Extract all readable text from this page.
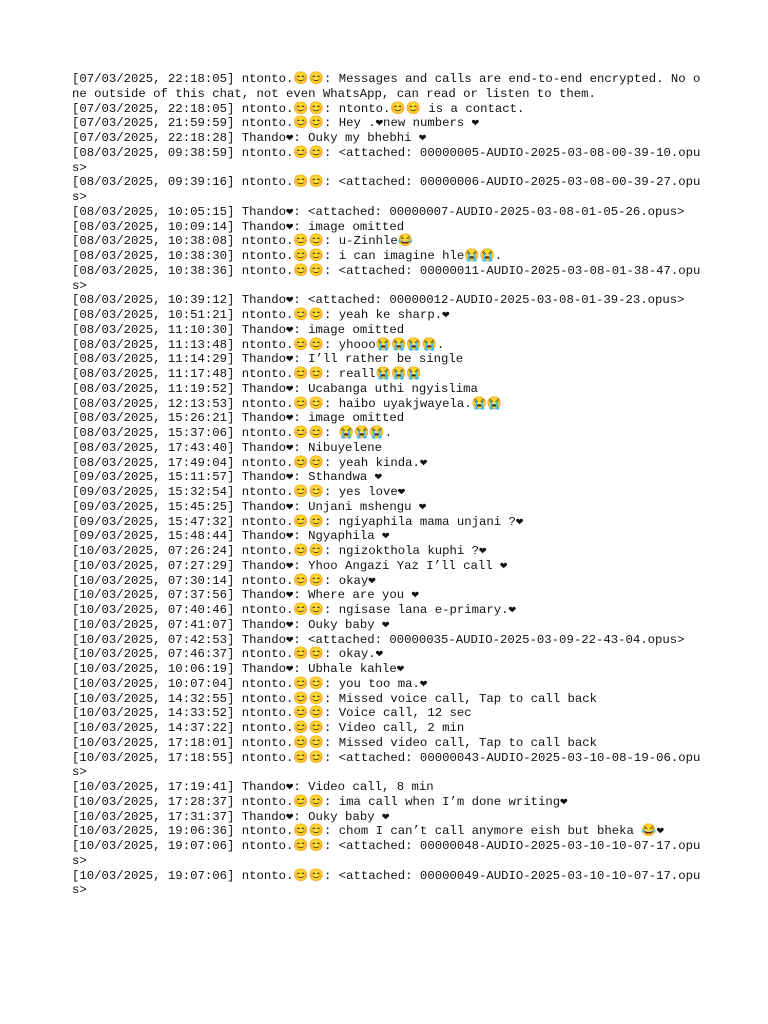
[07/03/2025, 22:18:05] ntonto.😊😊: Messages and calls are end-to-end encrypted. No one outside of this chat, not even WhatsApp, can read or listen to them.
[07/03/2025, 22:18:05] ntonto.😊😊: ntonto.😊😊 is a contact.
[07/03/2025, 21:59:59] ntonto.😊😊: Hey .❤new numbers ❤
[07/03/2025, 22:18:28] Thando❤: Ouky my bhebhi ❤
[08/03/2025, 09:38:59] ntonto.😊😊: <attached: 00000005-AUDIO-2025-03-08-00-39-10.opus>
[08/03/2025, 09:39:16] ntonto.😊😊: <attached: 00000006-AUDIO-2025-03-08-00-39-27.opus>
[08/03/2025, 10:05:15] Thando❤: <attached: 00000007-AUDIO-2025-03-08-01-05-26.opus>
[08/03/2025, 10:09:14] Thando❤: image omitted
[08/03/2025, 10:38:08] ntonto.😊😊: u-Zinhle😂
[08/03/2025, 10:38:30] ntonto.😊😊: i can imagine hle😭😭.
[08/03/2025, 10:38:36] ntonto.😊😊: <attached: 00000011-AUDIO-2025-03-08-01-38-47.opus>
[08/03/2025, 10:39:12] Thando❤: <attached: 00000012-AUDIO-2025-03-08-01-39-23.opus>
[08/03/2025, 10:51:21] ntonto.😊😊: yeah ke sharp.❤
[08/03/2025, 11:10:30] Thando❤: image omitted
[08/03/2025, 11:13:48] ntonto.😊😊: yhooo😭😭😭😭.
[08/03/2025, 11:14:29] Thando❤: I’ll rather be single
[08/03/2025, 11:17:48] ntonto.😊😊: reall😭😭😭
[08/03/2025, 11:19:52] Thando❤: Ucabanga uthi ngyislima
[08/03/2025, 12:13:53] ntonto.😊😊: haibo uyakjwayela.😭😭
[08/03/2025, 15:26:21] Thando❤: image omitted
[08/03/2025, 15:37:06] ntonto.😊😊: 😭😭😭.
[08/03/2025, 17:43:40] Thando❤: Nibuyelene
[08/03/2025, 17:49:04] ntonto.😊😊: yeah kinda.❤
[09/03/2025, 15:11:57] Thando❤: Sthandwa ❤
[09/03/2025, 15:32:54] ntonto.😊😊: yes love❤
[09/03/2025, 15:45:25] Thando❤: Unjani mshengu ❤
[09/03/2025, 15:47:32] ntonto.😊😊: ngiyaphila mama unjani ?❤
[09/03/2025, 15:48:44] Thando❤: Ngyaphila ❤
[10/03/2025, 07:26:24] ntonto.😊😊: ngizokthola kuphi ?❤
[10/03/2025, 07:27:29] Thando❤: Yhoo Angazi Yaz I’ll call ❤
[10/03/2025, 07:30:14] ntonto.😊😊: okay❤
[10/03/2025, 07:37:56] Thando❤: Where are you ❤
[10/03/2025, 07:40:46] ntonto.😊😊: ngisase lana e-primary.❤
[10/03/2025, 07:41:07] Thando❤: Ouky baby ❤
[10/03/2025, 07:42:53] Thando❤: <attached: 00000035-AUDIO-2025-03-09-22-43-04.opus>
[10/03/2025, 07:46:37] ntonto.😊😊: okay.❤
[10/03/2025, 10:06:19] Thando❤: Ubhale kahle❤
[10/03/2025, 10:07:04] ntonto.😊😊: you too ma.❤
[10/03/2025, 14:32:55] ntonto.😊😊: Missed voice call, Tap to call back
[10/03/2025, 14:33:52] ntonto.😊😊: Voice call, 12 sec
[10/03/2025, 14:37:22] ntonto.😊😊: Video call, 2 min
[10/03/2025, 17:18:01] ntonto.😊😊: Missed video call, Tap to call back
[10/03/2025, 17:18:55] ntonto.😊😊: <attached: 00000043-AUDIO-2025-03-10-08-19-06.opus>
[10/03/2025, 17:19:41] Thando❤: Video call, 8 min
[10/03/2025, 17:28:37] ntonto.😊😊: ima call when I’m done writing❤
[10/03/2025, 17:31:37] Thando❤: Ouky baby ❤
[10/03/2025, 19:06:36] ntonto.😊😊: chom I can’t call anymore eish but bheka 😂❤
[10/03/2025, 19:07:06] ntonto.😊😊: <attached: 00000048-AUDIO-2025-03-10-10-07-17.opus>
[10/03/2025, 19:07:06] ntonto.😊😊: <attached: 00000049-AUDIO-2025-03-10-10-07-17.opus>
